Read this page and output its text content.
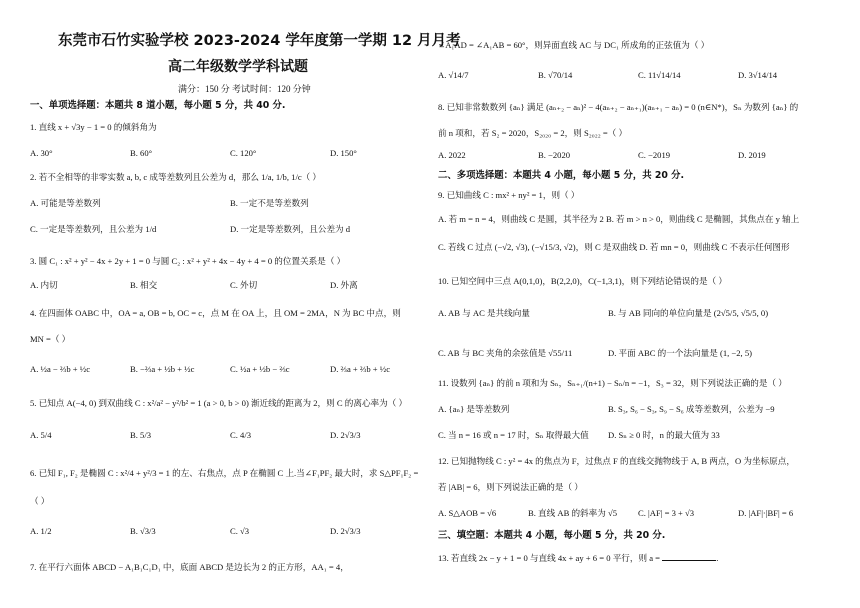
东莞市石竹实验学校 2023-2024 学年度第一学期 12 月月考
高二年级数学学科试题
满分：150 分 考试时间：120 分钟
一、单项选择题：本题共 8 道小题，每小题 5 分，共 40 分.
1. 直线 x + √3y − 1 = 0 的倾斜角为
A. 30°	B. 60°	C. 120°	D. 150°
2. 若不全相等的非零实数 a, b, c 成等差数列且公差为 d，那么 1/a, 1/b, 1/c（ ）
A. 可能是等差数列	B. 一定不是等差数列
C. 一定是等差数列，且公差为 1/d	D. 一定是等差数列，且公差为 d
3. 圆 C₁ : x² + y² − 4x + 2y + 1 = 0 与圆 C₂ : x² + y² + 4x − 4y + 4 = 0 的位置关系是（ ）
A. 内切	B. 相交	C. 外切	D. 外离
4. 在四面体 OABC 中，OA = a, OB = b, OC = c，点 M 在 OA 上，且 OM = 2MA，N 为 BC 中点，则
MN =（ ）
A. ½a − ⅔b + ½c	B. −⅔a + ½b + ½c	C. ½a + ½b − ⅔c	D. ⅔a + ⅔b + ½c
5. 已知点 A(−4, 0) 到双曲线 C : x²/a² − y²/b² = 1 (a > 0, b > 0) 渐近线的距离为 2，则 C 的离心率为（ ）
A. 5/4	B. 5/3	C. 4/3	D. 2√3/3
6. 已知 F₁, F₂ 是椭圆 C : x²/4 + y²/3 = 1 的左、右焦点，点 P 在椭圆 C 上.当∠F₁PF₂ 最大时，求 S△PF₁F₂ =
（ ）
A. 1/2	B. √3/3	C. √3	D. 2√3/3
7. 在平行六面体 ABCD − A₁B₁C₁D₁ 中，底面 ABCD 是边长为 2 的正方形，AA₁ = 4，
∠A₁AD = ∠A₁AB = 60°，则异面直线 AC 与 DC₁ 所成角的正弦值为（ ）
A. √14/7	B. √70/14	C. 11√14/14	D. 3√14/14
8. 已知非常数数列 {aₙ} 满足 (aₙ₊₂ − aₙ)² − 4(aₙ₊₂ − aₙ₊₁)(aₙ₊₁ − aₙ) = 0 (n∈N*)，Sₙ 为数列 {aₙ} 的
前 n 项和，若 S₂ = 2020，S₂₀₂₀ = 2，则 S₂₀₂₂ =（ ）
A. 2022	B. −2020	C. −2019	D. 2019
二、多项选择题：本题共 4 小题，每小题 5 分，共 20 分.
9. 已知曲线 C : mx² + ny² = 1，则（ ）
A. 若 m = n = 4，则曲线 C 是圆，其半径为 2 B. 若 m > n > 0，则曲线 C 是椭圆，其焦点在 y 轴上
C. 若线 C 过点 (−√2, √3), (−√15/3, √2)，则 C 是双曲线 D. 若 mn = 0，则曲线 C 不表示任何图形
10. 已知空间中三点 A(0,1,0)，B(2,2,0)，C(−1,3,1)，则下列结论错误的是（ ）
A. AB 与 AC 是共线向量	B. 与 AB 同向的单位向量是 (2√5/5, √5/5, 0)
C. AB 与 BC 夹角的余弦值是 √55/11	D. 平面 ABC 的一个法向量是 (1, −2, 5)
11. 设数列 {aₙ} 的前 n 项和为 Sₙ，Sₙ₊₁/(n+1) − Sₙ/n = −1，S₃ = 32，则下列说法正确的是（ ）
A. {aₙ} 是等差数列	B. S₃, S₆ − S₃, S₉ − S₆ 成等差数列，公差为 −9
C. 当 n = 16 或 n = 17 时，Sₙ 取得最大值 D. Sₙ ≥ 0 时，n 的最大值为 33
12. 已知抛物线 C : y² = 4x 的焦点为 F，过焦点 F 的直线交抛物线于 A, B 两点，O 为坐标原点，
若 |AB| = 6，则下列说法正确的是（ ）
A. S△AOB = √6	B. 直线 AB 的斜率为 √5 C. |AF| = 3 + √3	D. |AF|·|BF| = 6
三、填空题：本题共 4 小题，每小题 5 分，共 20 分.
13. 若直线 2x − y + 1 = 0 与直线 4x + ay + 6 = 0 平行，则 a =	.
